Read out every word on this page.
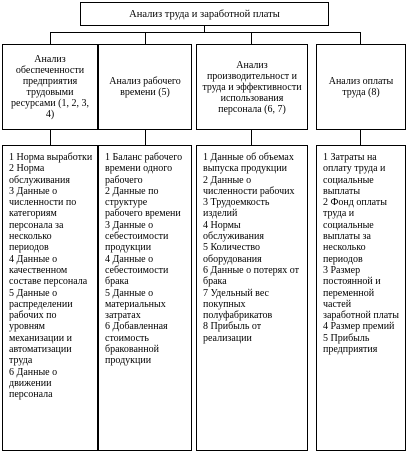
Анализ труда и заработной платы
Анализ обеспеченности предприятия трудовыми ресурсами (1, 2, 3, 4)
Анализ рабочего времени (5)
Анализ производительност и труда и эффективности использования персонала (6, 7)
Анализ оплаты труда (8)
1 Норма выработки
2 Норма обслуживания
3 Данные о численности по категориям персонала за несколько периодов
4 Данные о качественном составе персонала
5 Данные о распределении рабочих по уровням механизации и автоматизации труда
6 Данные о движении персонала
1 Баланс рабочего времени одного рабочего
2 Данные по структуре рабочего времени
3 Данные о себестоимости продукции
4 Данные о себестоимости брака
5 Данные о материальных затратах
6 Добавленная стоимость бракованной продукции
1 Данные об объемах выпуска продукции
2 Данные о численности рабочих
3 Трудоемкость изделий
4 Нормы обслуживания
5 Количество оборудования
6 Данные о потерях от брака
7 Удельный вес покупных полуфабрикатов
8 Прибыль от реализации
1 Затраты на оплату труда и социальные выплаты
2 Фонд оплаты труда и социальные выплаты за несколько периодов
3 Размер постоянной и переменной частей заработной платы
4 Размер премий
5 Прибыль предприятия
